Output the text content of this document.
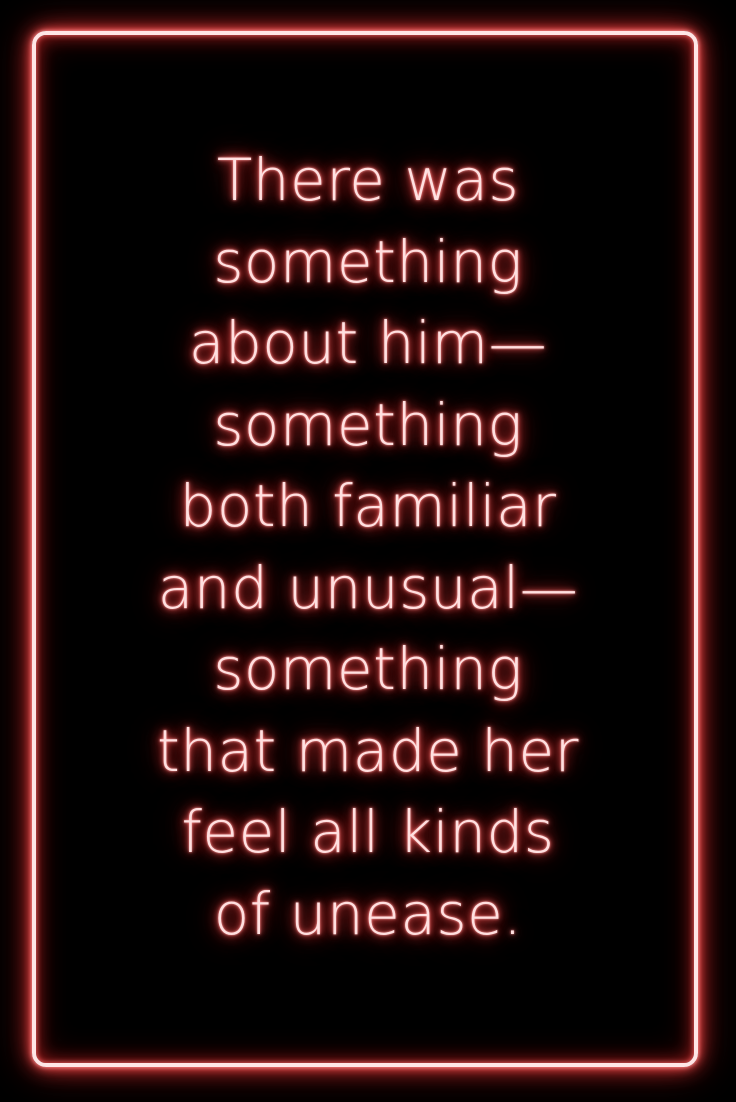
There was
something
about him—
something
both familiar
and unusual—
something
that made her
feel all kinds
of unease.
